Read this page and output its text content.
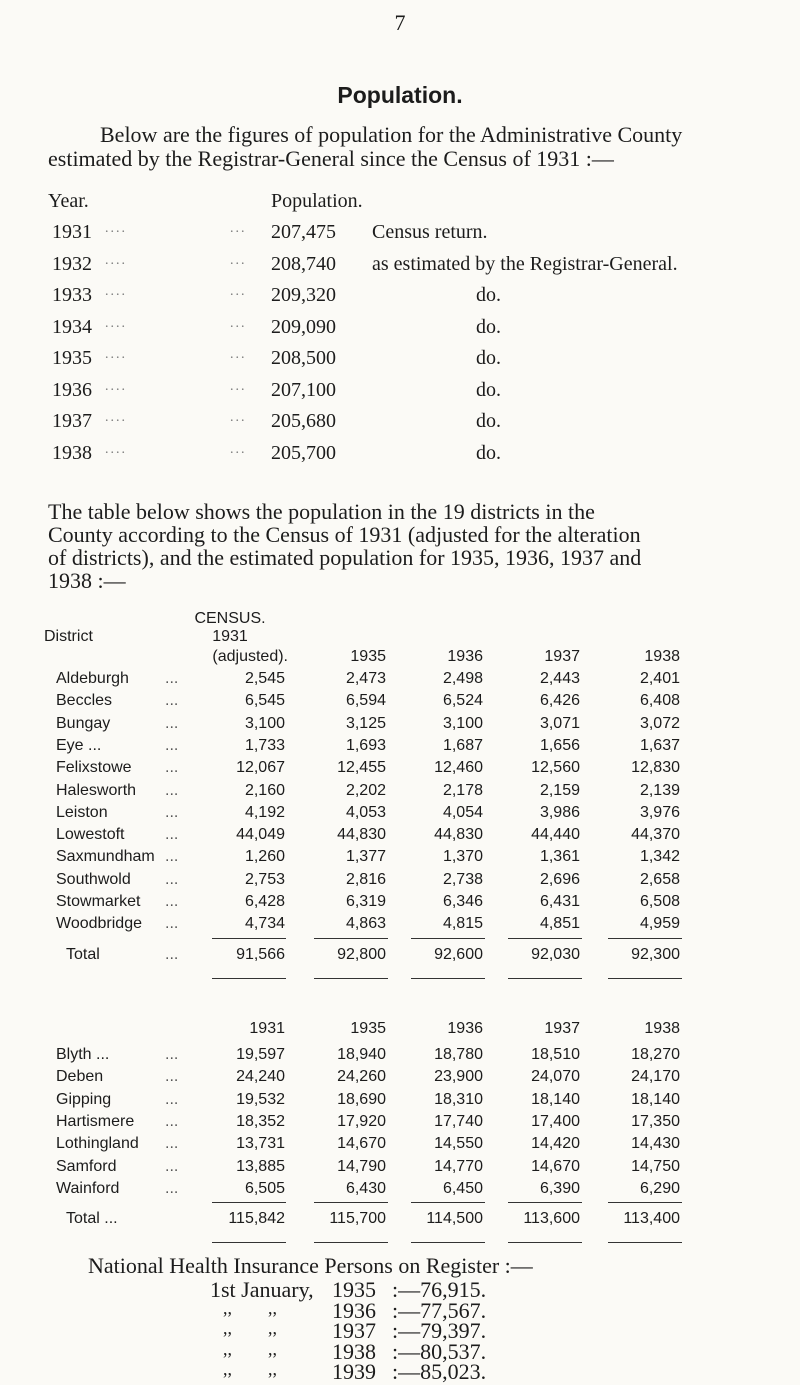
7
Population.
Below are the figures of population for the Administrative County
estimated by the Registrar-General since the Census of 1931 :—
Year.	Population.
1931 ....	... 207,475 Census return.
1932 ....	... 208,740 as estimated by the Registrar-General.
1933 ....	... 209,320	do.
1934 ....	... 209,090	do.
1935 ....	... 208,500	do.
1936 ....	... 207,100	do.
1937 ....	... 205,680	do.
1938 ....	... 205,700	do.
The table below shows the population in the 19 districts in the
County according to the Census of 1931 (adjusted for the alteration
of districts), and the estimated population for 1935, 1936, 1937 and
1938 :—
CENSUS.
District	1931
(adjusted).	1935	1936	1937	1938
Aldeburgh ...	2,545	2,473	2,498	2,443	2,401
Beccles	...	6,545	6,594	6,524	6,426	6,408
Bungay	...	3,100	3,125	3,100	3,071	3,072
Eye ...	...	1,733	1,693	1,687	1,656	1,637
Felixstowe ...	12,067	12,455	12,460	12,560	12,830
Halesworth ...	2,160	2,202	2,178	2,159	2,139
Leiston	...	4,192	4,053	4,054	3,986	3,976
Lowestoft	...	44,049	44,830	44,830	44,440	44,370
Saxmundham ...	1,260	1,377	1,370	1,361	1,342
Southwold ...	2,753	2,816	2,738	2,696	2,658
Stowmarket ...	6,428	6,319	6,346	6,431	6,508
Woodbridge ...	4,734	4,863	4,815	4,851	4,959
Total	...	91,566	92,800	92,600	92,030	92,300
1931	1935	1936	1937	1938
Blyth ...	...	19,597	18,940	18,780	18,510	18,270
Deben	...	24,240	24,260	23,900	24,070	24,170
Gipping	...	19,532	18,690	18,310	18,140	18,140
Hartismere ...	18,352	17,920	17,740	17,400	17,350
Lothingland ...	13,731	14,670	14,550	14,420	14,430
Samford	...	13,885	14,790	14,770	14,670	14,750
Wainford	...	6,505	6,430	6,450	6,390	6,290
Total ...	115,842	115,700	114,500	113,600	113,400
National Health Insurance Persons on Register :—
1st January, 1935 :—76,915.
,,        ,,	1936 :—77,567.
,,        ,,	1937 :—79,397.
,,        ,,	1938 :—80,537.
,,        ,,	1939 :—85,023.
